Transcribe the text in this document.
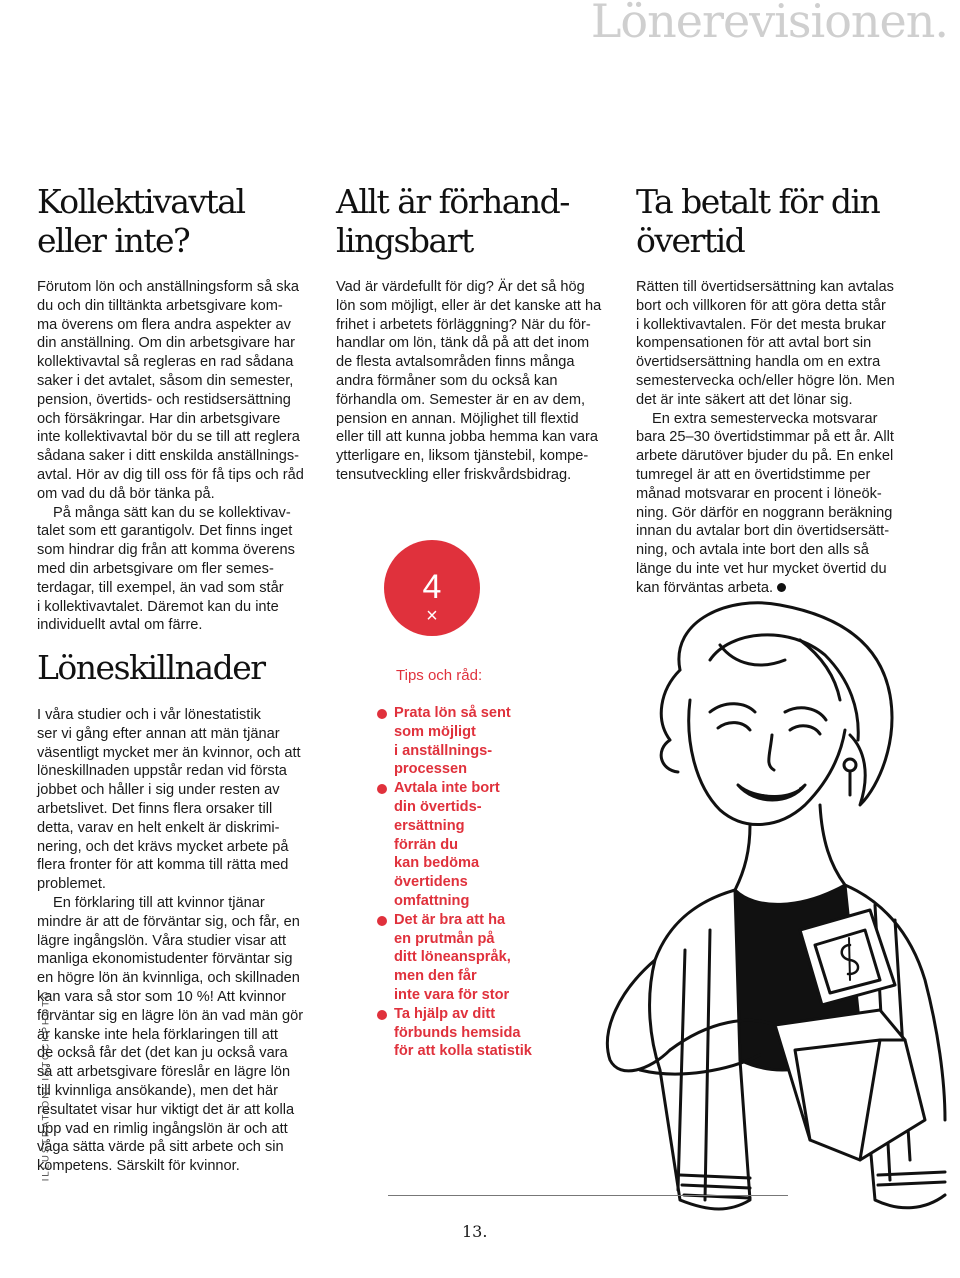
Lönerevisionen.
Kollektivavtal
eller inte?

Förutom lön och anställningsform så ska

du och din tilltänkta arbetsgivare kom-

ma överens om flera andra aspekter av

din anställning. Om din arbetsgivare har

kollektivavtal så regleras en rad sådana

saker i det avtalet, såsom din semester,

pension, övertids- och restidsersättning

och försäkringar. Har din arbetsgivare

inte kollektivavtal bör du se till att reglera

sådana saker i ditt enskilda anställnings-

avtal. Hör av dig till oss för få tips och råd

om vad du då bör tänka på.

På många sätt kan du se kollektivav-

talet som ett garantigolv. Det finns inget

som hindrar dig från att komma överens

med din arbetsgivare om fler semes-

terdagar, till exempel, än vad som står

i kollektivavtalet. Däremot kan du inte

individuellt avtal om färre.

Löneskillnader

I våra studier och i vår lönestatistik

ser vi gång efter annan att män tjänar

väsentligt mycket mer än kvinnor, och att

löneskillnaden uppstår redan vid första

jobbet och håller i sig under resten av

arbetslivet. Det finns flera orsaker till

detta, varav en helt enkelt är diskrimi-

nering, och det krävs mycket arbete på

flera fronter för att komma till rätta med

problemet.

En förklaring till att kvinnor tjänar

mindre är att de förväntar sig, och får, en

lägre ingångslön. Våra studier visar att

manliga ekonomistudenter förväntar sig

en högre lön än kvinnliga, och skillnaden

kan vara så stor som 10 %! Att kvinnor

förväntar sig en lägre lön än vad män gör

är kanske inte hela förklaringen till att

de också får det (det kan ju också vara

så att arbetsgivare föreslår en lägre lön

till kvinnliga ansökande), men det här

resultatet visar hur viktigt det är att kolla

upp vad en rimlig ingångslön är och att

våga sätta värde på sitt arbete och sin

kompetens. Särskilt för kvinnor.

Allt är förhand-
lingsbart

Vad är värdefullt för dig? Är det så hög

lön som möjligt, eller är det kanske att ha

frihet i arbetets förläggning? När du för-

handlar om lön, tänk då på att det inom

de flesta avtalsområden finns många

andra förmåner som du också kan

förhandla om. Semester är en av dem,

pension en annan. Möjlighet till flextid

eller till att kunna jobba hemma kan vara

ytterligare en, liksom tjänstebil, kompe-

tensutveckling eller friskvårdsbidrag.

Ta betalt för din
övertid

Rätten till övertidsersättning kan avtalas

bort och villkoren för att göra detta står

i kollektivavtalen. För det mesta brukar

kompensationen för att avtal bort sin

övertidsersättning handla om en extra

semestervecka och/eller högre lön. Men

det är inte säkert att det lönar sig.

En extra semestervecka motsvarar

bara 25–30 övertidstimmar på ett år. Allt

arbete därutöver bjuder du på. En enkel

tumregel är att en övertidstimme per

månad motsvarar en procent i löneök-

ning. Gör därför en noggrann beräkning

innan du avtalar bort din övertidsersätt-

ning, och avtala inte bort den alls så

länge du inte vet hur mycket övertid du

kan förväntas arbeta.

4
×

Tips och råd:

Prata lön så sent
som möjligt
i anställnings-
processen
Avtala inte bort
din övertids-
ersättning
förrän du
kan bedöma
övertidens
omfattning
Det är bra att ha
en prutmån på
ditt löneanspråk,
men den får
inte vara för stor
Ta hjälp av ditt
förbunds hemsida
för att kolla statistik

ILLUSTRATION: ISTOCKPHOTO

13.
